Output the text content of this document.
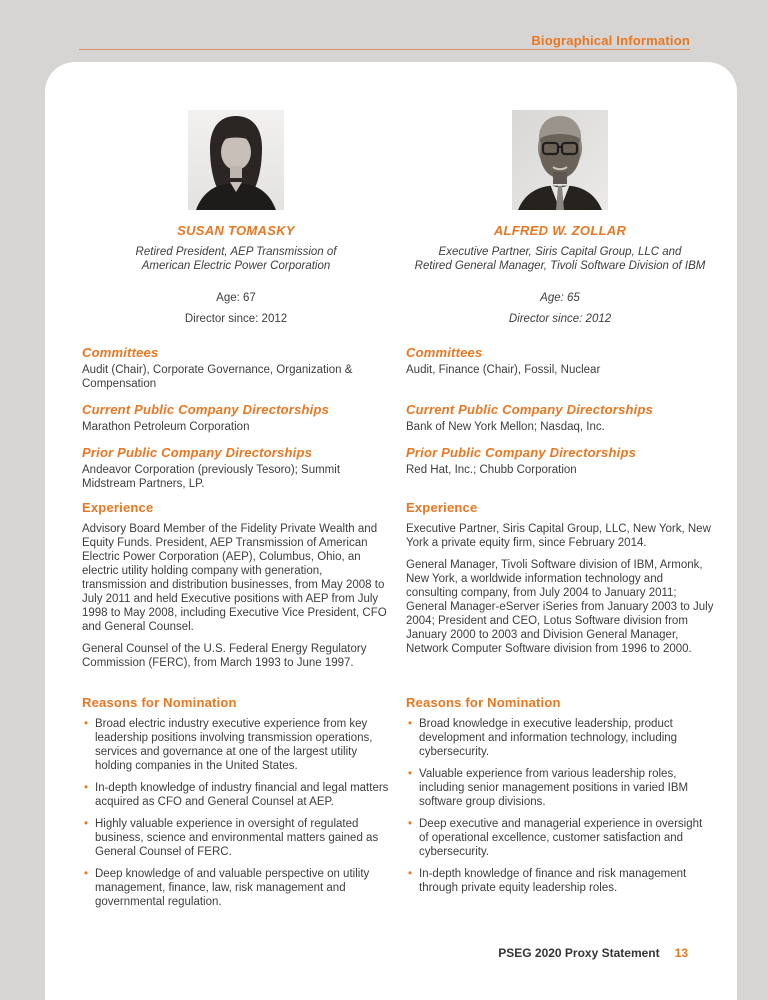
Biographical Information
SUSAN TOMASKY
Retired President, AEP Transmission of
American Electric Power Corporation
Age: 67
Director since: 2012
ALFRED W. ZOLLAR
Executive Partner, Siris Capital Group, LLC and
Retired General Manager, Tivoli Software Division of IBM
Age: 65
Director since: 2012
Committees
Audit (Chair), Corporate Governance, Organization & Compensation
Committees
Audit, Finance (Chair), Fossil, Nuclear
Current Public Company Directorships
Marathon Petroleum Corporation
Current Public Company Directorships
Bank of New York Mellon; Nasdaq, Inc.
Prior Public Company Directorships
Andeavor Corporation (previously Tesoro); Summit Midstream Partners, LP.
Prior Public Company Directorships
Red Hat, Inc.; Chubb Corporation
Experience
Advisory Board Member of the Fidelity Private Wealth and Equity Funds. President, AEP Transmission of American Electric Power Corporation (AEP), Columbus, Ohio, an electric utility holding company with generation, transmission and distribution businesses, from May 2008 to July 2011 and held Executive positions with AEP from July 1998 to May 2008, including Executive Vice President, CFO and General Counsel.
General Counsel of the U.S. Federal Energy Regulatory Commission (FERC), from March 1993 to June 1997.
Experience
Executive Partner, Siris Capital Group, LLC, New York, New York a private equity firm, since February 2014.
General Manager, Tivoli Software division of IBM, Armonk, New York, a worldwide information technology and consulting company, from July 2004 to January 2011; General Manager-eServer iSeries from January 2003 to July 2004; President and CEO, Lotus Software division from January 2000 to 2003 and Division General Manager, Network Computer Software division from 1996 to 2000.
Reasons for Nomination
• Broad electric industry executive experience from key leadership positions involving transmission operations, services and governance at one of the largest utility holding companies in the United States.
• In-depth knowledge of industry financial and legal matters acquired as CFO and General Counsel at AEP.
• Highly valuable experience in oversight of regulated business, science and environmental matters gained as General Counsel of FERC.
• Deep knowledge of and valuable perspective on utility management, finance, law, risk management and governmental regulation.
Reasons for Nomination
• Broad knowledge in executive leadership, product development and information technology, including cybersecurity.
• Valuable experience from various leadership roles, including senior management positions in varied IBM software group divisions.
• Deep executive and managerial experience in oversight of operational excellence, customer satisfaction and cybersecurity.
• In-depth knowledge of finance and risk management through private equity leadership roles.
PSEG 2020 Proxy Statement 13
